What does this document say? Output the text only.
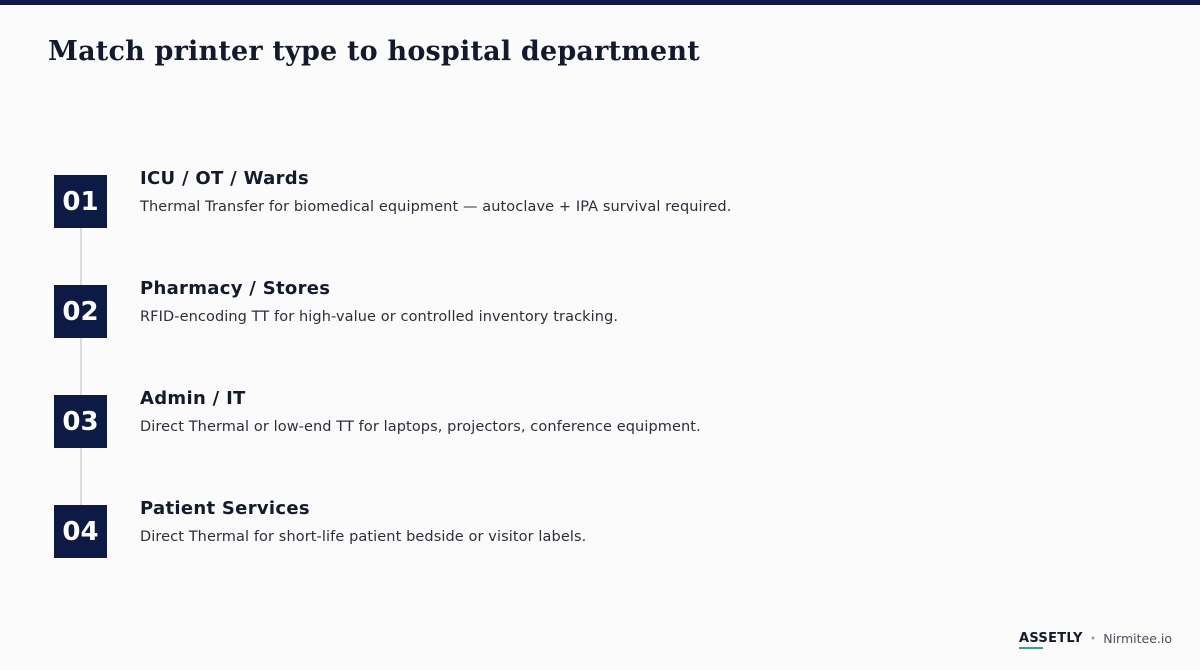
Match printer type to hospital department
01
ICU / OT / Wards

Thermal Transfer for biomedical equipment — autoclave + IPA survival required.

02
Pharmacy / Stores

RFID-encoding TT for high-value or controlled inventory tracking.

03
Admin / IT

Direct Thermal or low-end TT for laptops, projectors, conference equipment.

04
Patient Services

Direct Thermal for short-life patient bedside or visitor labels.

ASSETLY • Nirmitee.io
